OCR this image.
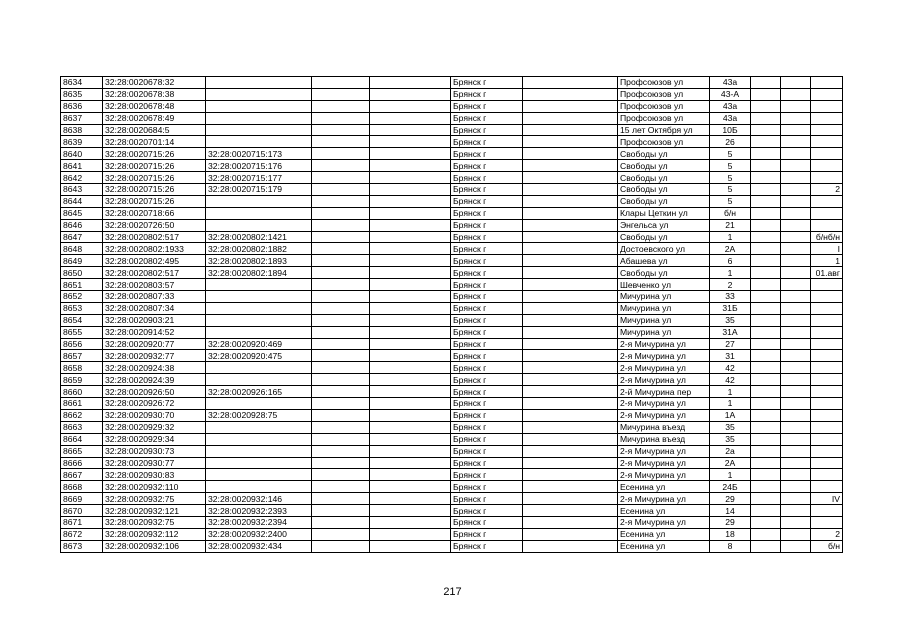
8634	32:28:0020678:32				Брянск г		Профсоюзов ул	43а			
8635	32:28:0020678:38				Брянск г		Профсоюзов ул	43-А			
8636	32:28:0020678:48				Брянск г		Профсоюзов ул	43а			
8637	32:28:0020678:49				Брянск г		Профсоюзов ул	43а			
8638	32:28:0020684:5				Брянск г		15 лет Октября ул	10Б			
8639	32:28:0020701:14				Брянск г		Профсоюзов ул	26			
8640	32:28:0020715:26	32:28:0020715:173			Брянск г		Свободы ул	5			
8641	32:28:0020715:26	32:28:0020715:176			Брянск г		Свободы ул	5			
8642	32:28:0020715:26	32:28:0020715:177			Брянск г		Свободы ул	5			
8643	32:28:0020715:26	32:28:0020715:179			Брянск г		Свободы ул	5			2
8644	32:28:0020715:26				Брянск г		Свободы ул	5			
8645	32:28:0020718:66				Брянск г		Клары Цеткин ул	б/н			
8646	32:28:0020726:50				Брянск г		Энгельса ул	21			
8647	32:28:0020802:517	32:28:0020802:1421			Брянск г		Свободы ул	1			б/нб/н
8648	32:28:0020802:1933	32:28:0020802:1882			Брянск г		Достоевского ул	2А			I
8649	32:28:0020802:495	32:28:0020802:1893			Брянск г		Абашева ул	6			1
8650	32:28:0020802:517	32:28:0020802:1894			Брянск г		Свободы ул	1			01.авг
8651	32:28:0020803:57				Брянск г		Шевченко ул	2			
8652	32:28:0020807:33				Брянск г		Мичурина ул	33			
8653	32:28:0020807:34				Брянск г		Мичурина ул	31Б			
8654	32:28:0020903:21				Брянск г		Мичурина ул	35			
8655	32:28:0020914:52				Брянск г		Мичурина ул	31А			
8656	32:28:0020920:77	32:28:0020920:469			Брянск г		2-я Мичурина ул	27			
8657	32:28:0020932:77	32:28:0020920:475			Брянск г		2-я Мичурина ул	31			
8658	32:28:0020924:38				Брянск г		2-я Мичурина ул	42			
8659	32:28:0020924:39				Брянск г		2-я Мичурина ул	42			
8660	32:28:0020926:50	32:28:0020926:165			Брянск г		2-й Мичурина пер	1			
8661	32:28:0020926:72				Брянск г		2-я Мичурина ул	1			
8662	32:28:0020930:70	32:28:0020928:75			Брянск г		2-я Мичурина ул	1А			
8663	32:28:0020929:32				Брянск г		Мичурина въезд	35			
8664	32:28:0020929:34				Брянск г		Мичурина въезд	35			
8665	32:28:0020930:73				Брянск г		2-я Мичурина ул	2а			
8666	32:28:0020930:77				Брянск г		2-я Мичурина ул	2А			
8667	32:28:0020930:83				Брянск г		2-я Мичурина ул	1			
8668	32:28:0020932:110				Брянск г		Есенина ул	24Б			
8669	32:28:0020932:75	32:28:0020932:146			Брянск г		2-я Мичурина ул	29			IV
8670	32:28:0020932:121	32:28:0020932:2393			Брянск г		Есенина ул	14			
8671	32:28:0020932:75	32:28:0020932:2394			Брянск г		2-я Мичурина ул	29			
8672	32:28:0020932:112	32:28:0020932:2400			Брянск г		Есенина ул	18			2
8673	32:28:0020932:106	32:28:0020932:434			Брянск г		Есенина ул	8			б/н
217
